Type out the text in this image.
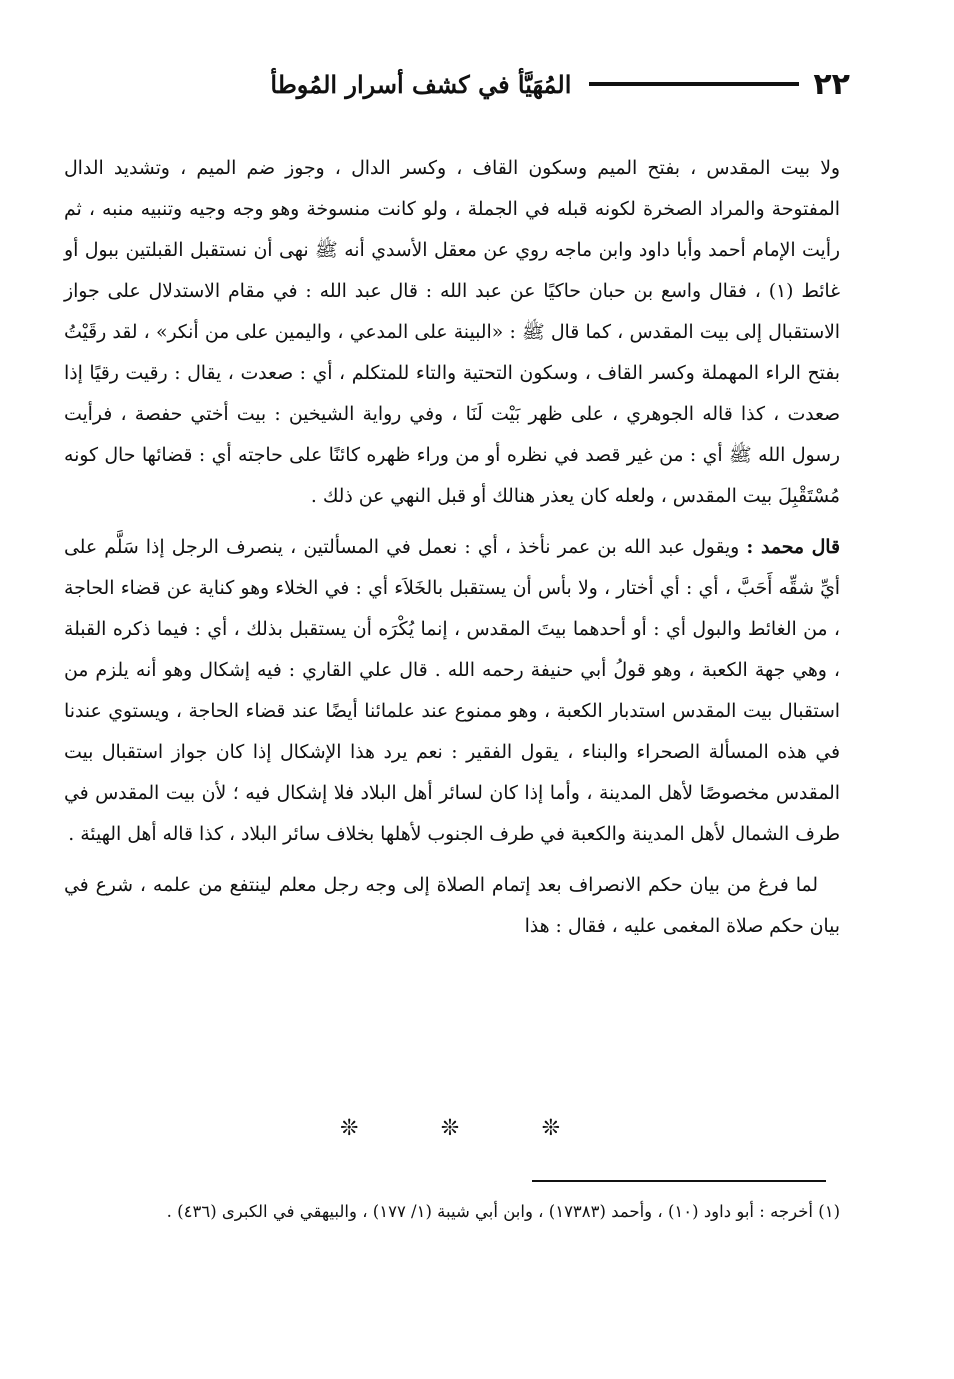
٢٢
المُهَيَّأ في كشف أسرار المُوطأ

ولا بيت المقدس ، بفتح الميم وسكون القاف ، وكسر الدال ، وجوز ضم الميم ، وتشديد الدال المفتوحة والمراد الصخرة لكونه قبله في الجملة ، ولو كانت منسوخة وهو وجه وجيه وتنبيه منبه ، ثم رأيت الإمام أحمد وأبا داود وابن ماجه روي عن معقل الأسدي أنه ﷺ نهى أن نستقبل القبلتين ببول أو غائط (١) ، فقال واسع بن حبان حاكيًا عن عبد الله : قال عبد الله : في مقام الاستدلال على جواز الاستقبال إلى بيت المقدس ، كما قال ﷺ : «البينة على المدعي ، واليمين على من أنكر» ، لقد رقَيْتُ بفتح الراء المهملة وكسر القاف ، وسكون التحتية والتاء للمتكلم ، أي : صعدت ، يقال : رقيت رقيًا إذا صعدت ، كذا قاله الجوهري ، على ظهر بَيْت لَنَا ، وفي رواية الشيخين : بيت أختي حفصة ، فرأيت رسول الله ﷺ أي : من غير قصد في نظره أو من وراء ظهره كائنًا على حاجته أي : قضائها حال كونه مُسْتَقْبِلَ بيت المقدس ، ولعله كان يعذر هنالك أو قبل النهي عن ذلك .

قال محمد : ويقول عبد الله بن عمر نأخذ ، أي : نعمل في المسألتين ، ينصرف الرجل إذا سَلَّم على أيِّ شقِّه أَحَبَّ ، أي : أي أختار ، ولا بأس أن يستقبل بالخَلاَء أي : في الخلاء وهو كناية عن قضاء الحاجة ، من الغائط والبول أي : أو أحدهما بيتَ المقدس ، إنما يُكْرَه أن يستقبل بذلك ، أي : فيما ذكره القبلة ، وهي جهة الكعبة ، وهو قولُ أبي حنيفة رحمه الله . قال علي القاري : فيه إشكال وهو أنه يلزم من استقبال بيت المقدس استدبار الكعبة ، وهو ممنوع عند علمائنا أيضًا عند قضاء الحاجة ، ويستوي عندنا في هذه المسألة الصحراء والبناء ، يقول الفقير : نعم يرد هذا الإشكال إذا كان جواز استقبال بيت المقدس مخصوصًا لأهل المدينة ، وأما إذا كان لسائر أهل البلاد فلا إشكال فيه ؛ لأن بيت المقدس في طرف الشمال لأهل المدينة والكعبة في طرف الجنوب لأهلها بخلاف سائر البلاد ، كذا قاله أهل الهيئة .

لما فرغ من بيان حكم الانصراف بعد إتمام الصلاة إلى وجه رجل معلم لينتفع من علمه ، شرع في بيان حكم صلاة المغمى عليه ، فقال : هذا

❊
❊
❊
(١) أخرجه : أبو داود (١٠) ، وأحمد (١٧٣٨٣) ، وابن أبي شيبة (١/ ١٧٧) ، والبيهقي في الكبرى (٤٣٦) .
